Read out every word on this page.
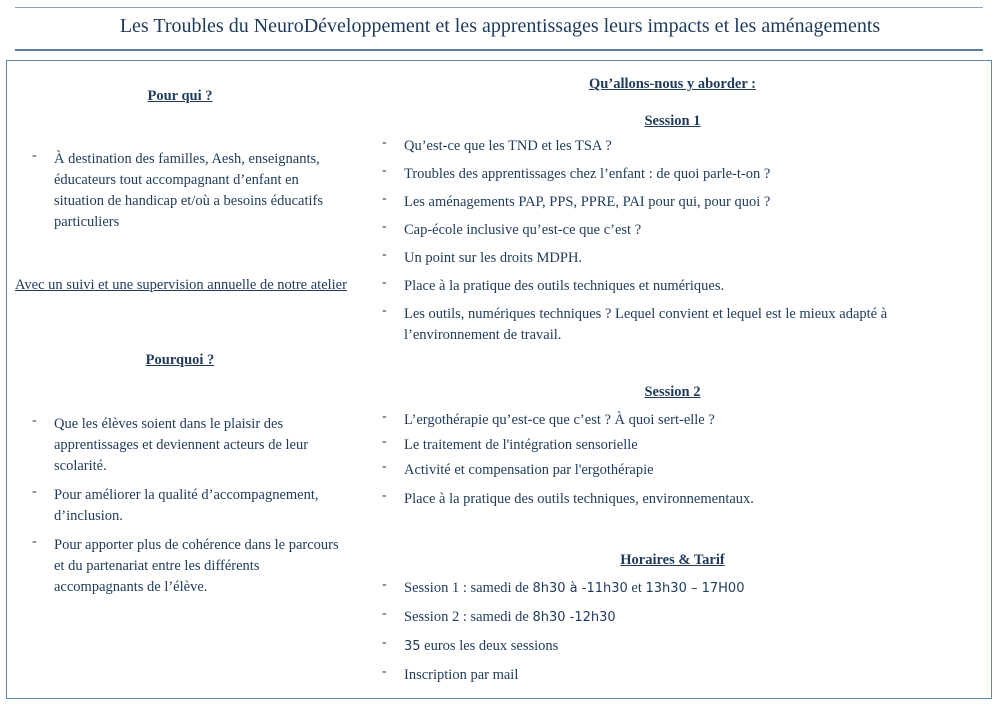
Les Troubles du NeuroDéveloppement et les apprentissages leurs impacts et les aménagements
Pour qui ?
- À destination des familles, Aesh, enseignants, éducateurs tout accompagnant d’enfant en situation de handicap et/où a besoins éducatifs particuliers
Avec un suivi et une supervision annuelle de notre atelier
Pourquoi ?
- Que les élèves soient dans le plaisir des apprentissages et deviennent acteurs de leur scolarité.
- Pour améliorer la qualité d’accompagnement, d’inclusion.
- Pour apporter plus de cohérence dans le parcours et du partenariat entre les différents accompagnants de l’élève.
Qu’allons-nous y aborder :
Session 1
- Qu’est-ce que les TND et les TSA ?
- Troubles des apprentissages chez l’enfant : de quoi parle-t-on ?
- Les aménagements PAP, PPS, PPRE, PAI pour qui, pour quoi ?
- Cap-école inclusive qu’est-ce que c’est ?
- Un point sur les droits MDPH.
- Place à la pratique des outils techniques et numériques.
- Les outils, numériques techniques ? Lequel convient et lequel est le mieux adapté à l’environnement de travail.
Session 2
- L’ergothérapie qu’est-ce que c’est ? À quoi sert-elle ?
- Le traitement de l'intégration sensorielle
- Activité et compensation par l'ergothérapie
- Place à la pratique des outils techniques, environnementaux.
Horaires & Tarif
- Session 1 : samedi de 8h30 à -11h30 et 13h30 – 17H00
- Session 2 : samedi de 8h30 -12h30
- 35 euros les deux sessions
- Inscription par mail
